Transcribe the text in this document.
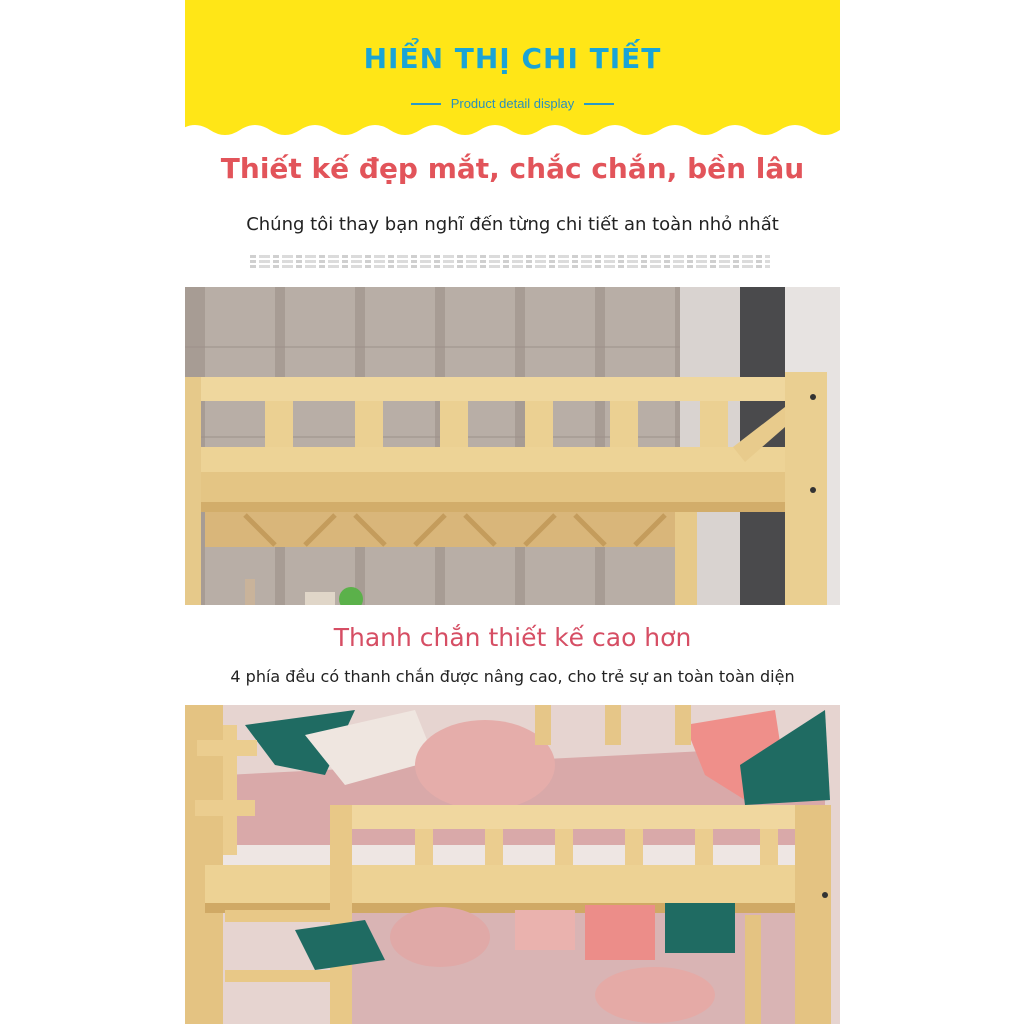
HIỂN THỊ CHI TIẾT
Product detail display
Thiết kế đẹp mắt, chắc chắn, bền lâu
Chúng tôi thay bạn nghĩ đến từng chi tiết an toàn nhỏ nhất
Thanh chắn thiết kế cao hơn
4 phía đều có thanh chắn được nâng cao, cho trẻ sự an toàn toàn diện
